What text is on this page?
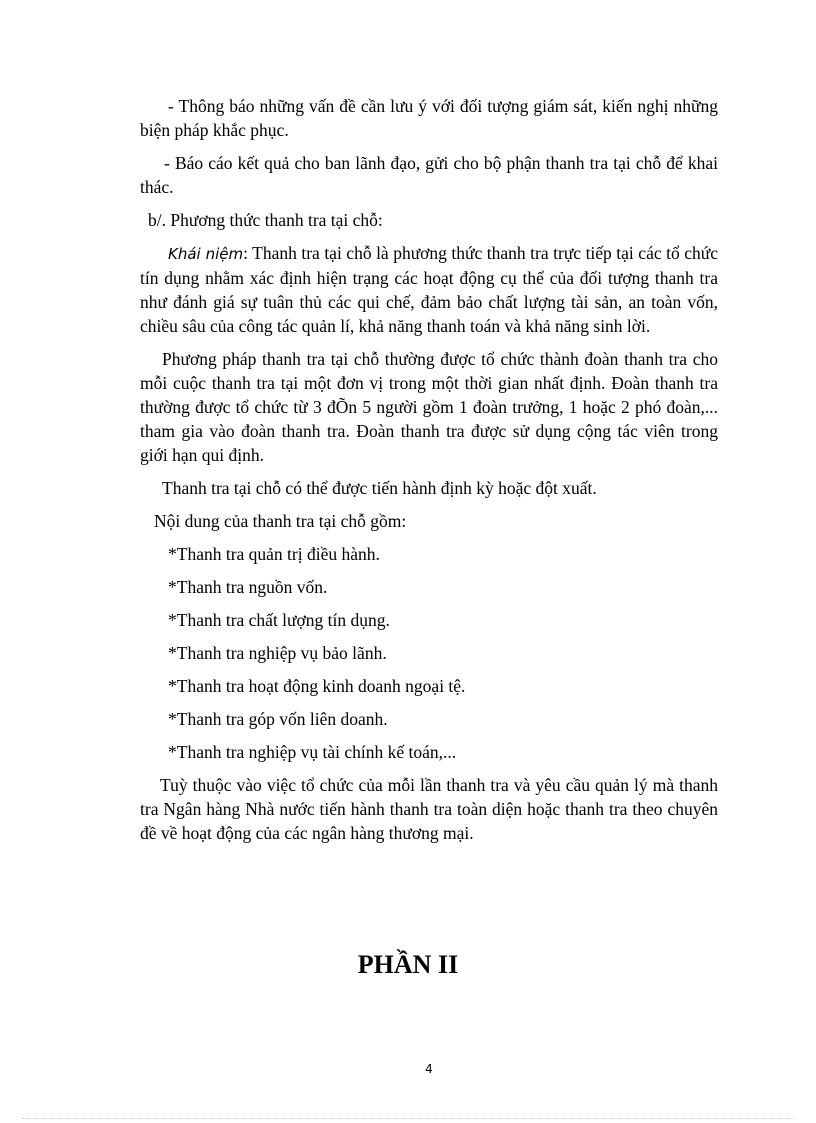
- Thông báo những vấn đề cần lưu ý với đối tượng giám sát, kiến nghị những biện pháp khắc phục.

- Báo cáo kết quả cho ban lãnh đạo, gửi cho bộ phận thanh tra tại chỗ để khai thác.

b/. Phương thức thanh tra tại chỗ:

Khái niệm: Thanh tra tại chỗ là phương thức thanh tra trực tiếp tại các tổ chức tín dụng nhằm xác định hiện trạng các hoạt động cụ thể của đối tượng thanh tra như đánh giá sự tuân thủ các qui chế, đảm bảo chất lượng tài sản, an toàn vốn, chiều sâu của công tác quản lí, khả năng thanh toán và khả năng sinh lời.

Phương pháp thanh tra tại chỗ thường được tổ chức thành đoàn thanh tra cho mỗi cuộc thanh tra tại một đơn vị trong một thời gian nhất định. Đoàn thanh tra thường được tổ chức từ 3 đÕn 5 người gồm 1 đoàn trưởng, 1 hoặc 2 phó đoàn,... tham gia vào đoàn thanh tra. Đoàn thanh tra được sử dụng cộng tác viên trong giới hạn qui định.

Thanh tra tại chỗ có thể được tiến hành định kỳ hoặc đột xuất.

Nội dung của thanh tra tại chỗ gồm:

*Thanh tra quản trị điều hành.

*Thanh tra nguồn vốn.

*Thanh tra chất lượng tín dụng.

*Thanh tra nghiệp vụ bảo lãnh.

*Thanh tra hoạt động kinh doanh ngoại tệ.

*Thanh tra góp vốn liên doanh.

*Thanh tra nghiệp vụ tài chính kế toán,...

Tuỳ thuộc vào việc tổ chức của mỗi lần thanh tra và yêu cầu quản lý mà thanh tra Ngân hàng Nhà nước tiến hành thanh tra toàn diện hoặc thanh tra theo chuyên đề về hoạt động của các ngân hàng thương mại.

PHẦN II
4
